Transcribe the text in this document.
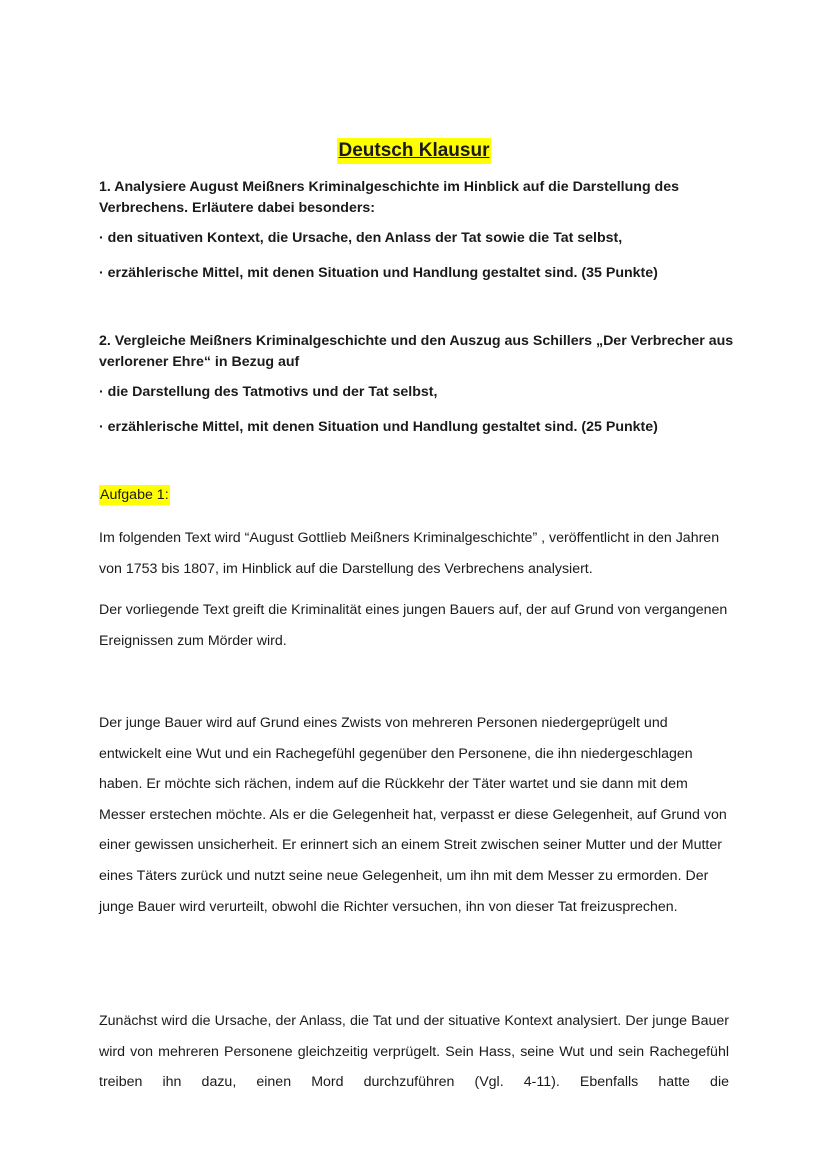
Deutsch Klausur

1. Analysiere August Meißners Kriminalgeschichte im Hinblick auf die Darstellung des Verbrechens. Erläutere dabei besonders:

· den situativen Kontext, die Ursache, den Anlass der Tat sowie die Tat selbst,

· erzählerische Mittel, mit denen Situation und Handlung gestaltet sind. (35 Punkte)

2. Vergleiche Meißners Kriminalgeschichte und den Auszug aus Schillers „Der Verbrecher aus verlorener Ehre“ in Bezug auf

· die Darstellung des Tatmotivs und der Tat selbst,

· erzählerische Mittel, mit denen Situation und Handlung gestaltet sind. (25 Punkte)

Aufgabe 1:

Im folgenden Text wird “August Gottlieb Meißners Kriminalgeschichte” , veröffentlicht in den Jahren von 1753 bis 1807, im Hinblick auf die Darstellung des Verbrechens analysiert.

Der vorliegende Text greift die Kriminalität eines jungen Bauers auf, der auf Grund von vergangenen Ereignissen zum Mörder wird.

Der junge Bauer wird auf Grund eines Zwists von mehreren Personen niedergeprügelt und entwickelt eine Wut und ein Rachegefühl gegenüber den Personene, die ihn niedergeschlagen haben. Er möchte sich rächen, indem auf die Rückkehr der Täter wartet und sie dann mit dem Messer erstechen möchte. Als er die Gelegenheit hat, verpasst er diese Gelegenheit, auf Grund von einer gewissen unsicherheit. Er erinnert sich an einem Streit zwischen seiner Mutter und der Mutter eines Täters zurück und nutzt seine neue Gelegenheit, um ihn mit dem Messer zu ermorden. Der junge Bauer wird verurteilt, obwohl die Richter versuchen, ihn von dieser Tat freizusprechen.

Zunächst wird die Ursache, der Anlass, die Tat und der situative Kontext analysiert. Der junge Bauer wird von mehreren Personene gleichzeitig verprügelt. Sein Hass, seine Wut und sein Rachegefühl treiben ihn dazu, einen Mord durchzuführen (Vgl. 4-11). Ebenfalls hatte die
